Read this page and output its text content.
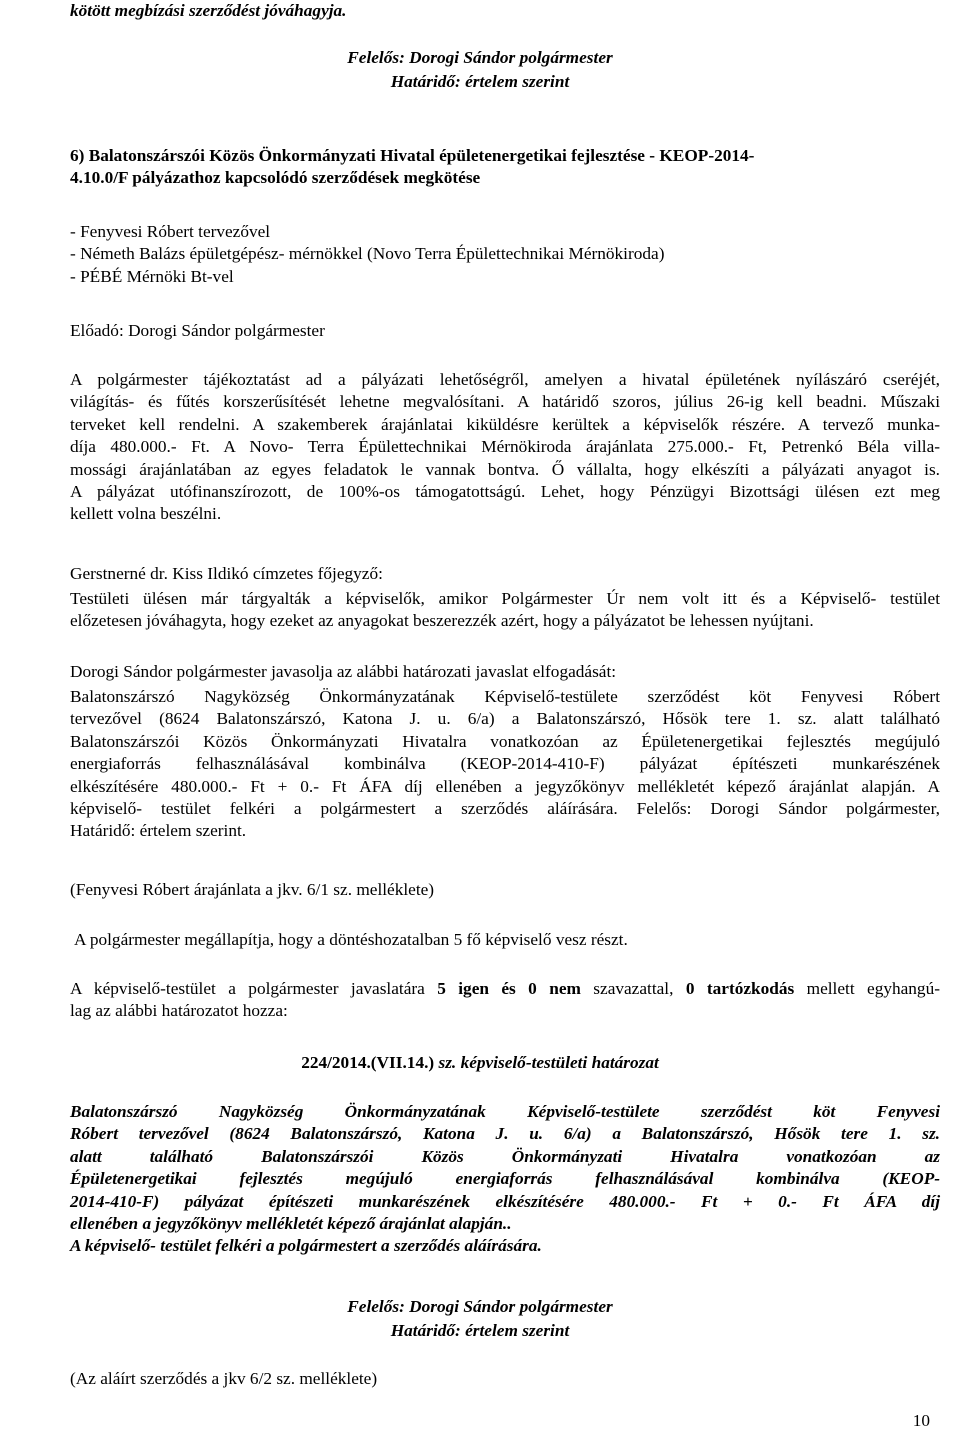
kötött megbízási szerződést jóváhagyja.

Felelős: Dorogi Sándor polgármester

Határidő: értelem szerint

6) Balatonszárszói Közös Önkormányzati Hivatal épületenergetikai fejlesztése - KEOP-2014-
4.10.0/F pályázathoz kapcsolódó szerződések megkötése
- Fenyvesi Róbert tervezővel
- Németh Balázs épületgépész- mérnökkel (Novo Terra Épülettechnikai Mérnökiroda)
- PÉBÉ Mérnöki Bt-vel

Előadó: Dorogi Sándor polgármester

A polgármester tájékoztatást ad a pályázati lehetőségről, amelyen a hivatal épületének nyílászáró cseréjét,
világítás- és fűtés korszerűsítését lehetne megvalósítani. A határidő szoros, július 26-ig kell beadni. Műszaki
terveket kell rendelni. A szakemberek árajánlatai kiküldésre kerültek a képviselők részére. A tervező munka-
díja 480.000.- Ft. A Novo- Terra Épülettechnikai Mérnökiroda árajánlata 275.000.- Ft, Petrenkó Béla villa-
mossági árajánlatában az egyes feladatok le vannak bontva. Ő vállalta, hogy elkészíti a pályázati anyagot is.
A pályázat utófinanszírozott, de 100%-os támogatottságú. Lehet, hogy Pénzügyi Bizottsági ülésen ezt meg
kellett volna beszélni.

Gerstnerné dr. Kiss Ildikó címzetes főjegyző:

Testületi ülésen már tárgyalták a képviselők, amikor Polgármester Úr nem volt itt és a Képviselő- testület
előzetesen jóváhagyta, hogy ezeket az anyagokat beszerezzék azért, hogy a pályázatot be lehessen nyújtani.

Dorogi Sándor polgármester javasolja az alábbi határozati javaslat elfogadását:

Balatonszárszó Nagyközség Önkormányzatának Képviselő-testülete szerződést köt Fenyvesi Róbert
tervezővel (8624 Balatonszárszó, Katona J. u. 6/a) a Balatonszárszó, Hősök tere 1. sz. alatt található
Balatonszárszói Közös Önkormányzati Hivatalra vonatkozóan az Épületenergetikai fejlesztés megújuló
energiaforrás felhasználásával kombinálva (KEOP-2014-410-F) pályázat építészeti munkarészének
elkészítésére 480.000.- Ft + 0.- Ft ÁFA díj ellenében a jegyzőkönyv mellékletét képező árajánlat alapján. A
képviselő- testület felkéri a polgármestert a szerződés aláírására. Felelős: Dorogi Sándor polgármester,
Határidő: értelem szerint.

(Fenyvesi Róbert árajánlata a jkv. 6/1 sz. melléklete)

A polgármester megállapítja, hogy a döntéshozatalban 5 fő képviselő vesz részt.

A képviselő-testület a polgármester javaslatára 5 igen és 0 nem szavazattal, 0 tartózkodás mellett egyhangú-
lag az alábbi határozatot hozza:

224/2014.(VII.14.) sz. képviselő-testületi határozat

Balatonszárszó Nagyközség Önkormányzatának Képviselő-testülete szerződést köt Fenyvesi
Róbert tervezővel (8624 Balatonszárszó, Katona J. u. 6/a) a Balatonszárszó, Hősök tere 1. sz.
alatt található Balatonszárszói Közös Önkormányzati Hivatalra vonatkozóan az
Épületenergetikai fejlesztés megújuló energiaforrás felhasználásával kombinálva (KEOP-
2014-410-F) pályázat építészeti munkarészének elkészítésére 480.000.- Ft + 0.- Ft ÁFA díj
ellenében a jegyzőkönyv mellékletét képező árajánlat alapján..
A képviselő- testület felkéri a polgármestert a szerződés aláírására.

Felelős: Dorogi Sándor polgármester

Határidő: értelem szerint

(Az aláírt szerződés a jkv 6/2 sz. melléklete)

10
